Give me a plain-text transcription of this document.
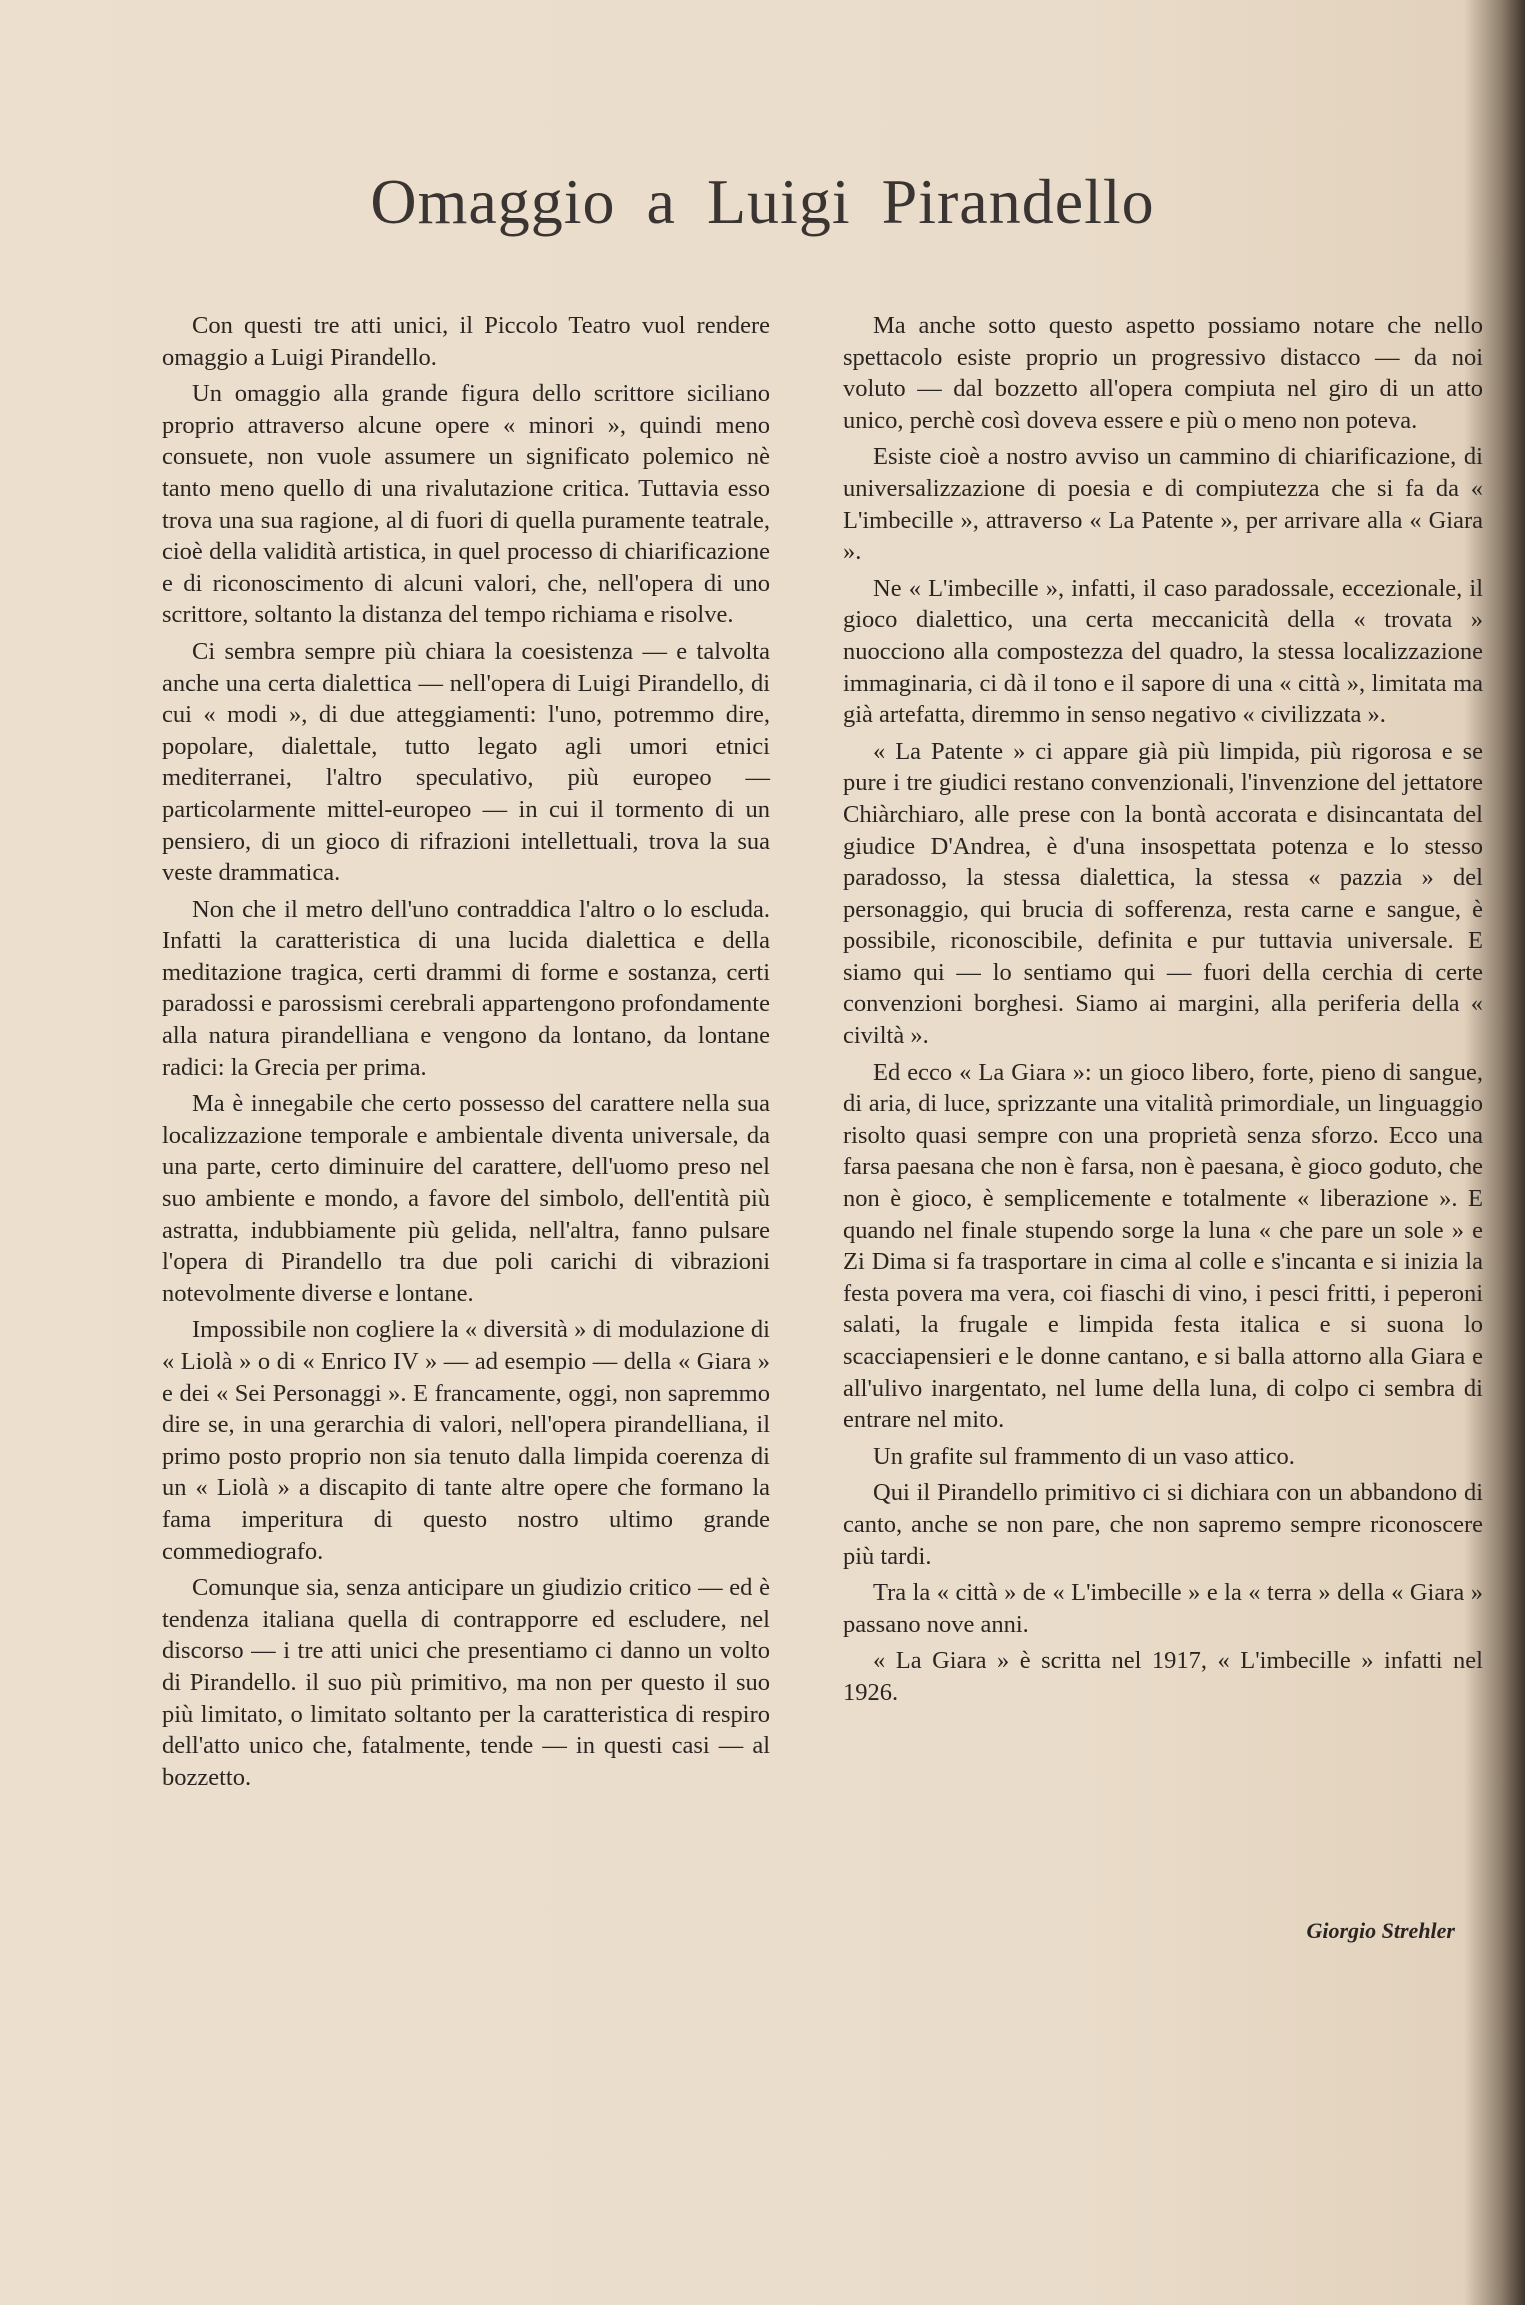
Omaggio a Luigi Pirandello

Con questi tre atti unici, il Piccolo Teatro vuol rendere omaggio a Luigi Pirandello.

Un omaggio alla grande figura dello scrittore siciliano proprio attraverso alcune opere « minori », quindi meno consuete, non vuole assumere un significato polemico nè tanto meno quello di una rivalutazione critica. Tuttavia esso trova una sua ragione, al di fuori di quella puramente teatrale, cioè della validità artistica, in quel processo di chiarificazione e di riconoscimento di alcuni valori, che, nell'opera di uno scrittore, soltanto la distanza del tempo richiama e risolve.

Ci sembra sempre più chiara la coesistenza — e talvolta anche una certa dialettica — nell'opera di Luigi Pirandello, di cui « modi », di due atteggiamenti: l'uno, potremmo dire, popolare, dialettale, tutto legato agli umori etnici mediterranei, l'altro speculativo, più europeo — particolarmente mittel-europeo — in cui il tormento di un pensiero, di un gioco di rifrazioni intellettuali, trova la sua veste drammatica.

Non che il metro dell'uno contraddica l'altro o lo escluda. Infatti la caratteristica di una lucida dialettica e della meditazione tragica, certi drammi di forme e sostanza, certi paradossi e parossismi cerebrali appartengono profondamente alla natura pirandelliana e vengono da lontano, da lontane radici: la Grecia per prima.

Ma è innegabile che certo possesso del carattere nella sua localizzazione temporale e ambientale diventa universale, da una parte, certo diminuire del carattere, dell'uomo preso nel suo ambiente e mondo, a favore del simbolo, dell'entità più astratta, indubbiamente più gelida, nell'altra, fanno pulsare l'opera di Pirandello tra due poli carichi di vibrazioni notevolmente diverse e lontane.

Impossibile non cogliere la « diversità » di modulazione di « Liolà » o di « Enrico IV » — ad esempio — della « Giara » e dei « Sei Personaggi ». E francamente, oggi, non sapremmo dire se, in una gerarchia di valori, nell'opera pirandelliana, il primo posto proprio non sia tenuto dalla limpida coerenza di un « Liolà » a discapito di tante altre opere che formano la fama imperitura di questo nostro ultimo grande commediografo.

Comunque sia, senza anticipare un giudizio critico — ed è tendenza italiana quella di contrapporre ed escludere, nel discorso — i tre atti unici che presentiamo ci danno un volto di Pirandello. il suo più primitivo, ma non per questo il suo più limitato, o limitato soltanto per la caratteristica di respiro dell'atto unico che, fatalmente, tende — in questi casi — al bozzetto.

Ma anche sotto questo aspetto possiamo notare che nello spettacolo esiste proprio un progressivo distacco — da noi voluto — dal bozzetto all'opera compiuta nel giro di un atto unico, perchè così doveva essere e più o meno non poteva.

Esiste cioè a nostro avviso un cammino di chiarificazione, di universalizzazione di poesia e di compiutezza che si fa da « L'imbecille », attraverso « La Patente », per arrivare alla « Giara ».

Ne « L'imbecille », infatti, il caso paradossale, eccezionale, il gioco dialettico, una certa meccanicità della « trovata » nuocciono alla compostezza del quadro, la stessa localizzazione immaginaria, ci dà il tono e il sapore di una « città », limitata ma già artefatta, diremmo in senso negativo « civilizzata ».

« La Patente » ci appare già più limpida, più rigorosa e se pure i tre giudici restano convenzionali, l'invenzione del jettatore Chiàrchiaro, alle prese con la bontà accorata e disincantata del giudice D'Andrea, è d'una insospettata potenza e lo stesso paradosso, la stessa dialettica, la stessa « pazzia » del personaggio, qui brucia di sofferenza, resta carne e sangue, è possibile, riconoscibile, definita e pur tuttavia universale. E siamo qui — lo sentiamo qui — fuori della cerchia di certe convenzioni borghesi. Siamo ai margini, alla periferia della « civiltà ».

Ed ecco « La Giara »: un gioco libero, forte, pieno di sangue, di aria, di luce, sprizzante una vitalità primordiale, un linguaggio risolto quasi sempre con una proprietà senza sforzo. Ecco una farsa paesana che non è farsa, non è paesana, è gioco goduto, che non è gioco, è semplicemente e totalmente « liberazione ». E quando nel finale stupendo sorge la luna « che pare un sole » e Zi Dima si fa trasportare in cima al colle e s'incanta e si inizia la festa povera ma vera, coi fiaschi di vino, i pesci fritti, i peperoni salati, la frugale e limpida festa italica e si suona lo scacciapensieri e le donne cantano, e si balla attorno alla Giara e all'ulivo inargentato, nel lume della luna, di colpo ci sembra di entrare nel mito.

Un grafite sul frammento di un vaso attico.

Qui il Pirandello primitivo ci si dichiara con un abbandono di canto, anche se non pare, che non sapremo sempre riconoscere più tardi.

Tra la « città » de « L'imbecille » e la « terra » della « Giara » passano nove anni.

« La Giara » è scritta nel 1917, « L'imbecille » infatti nel 1926.

Giorgio Strehler
